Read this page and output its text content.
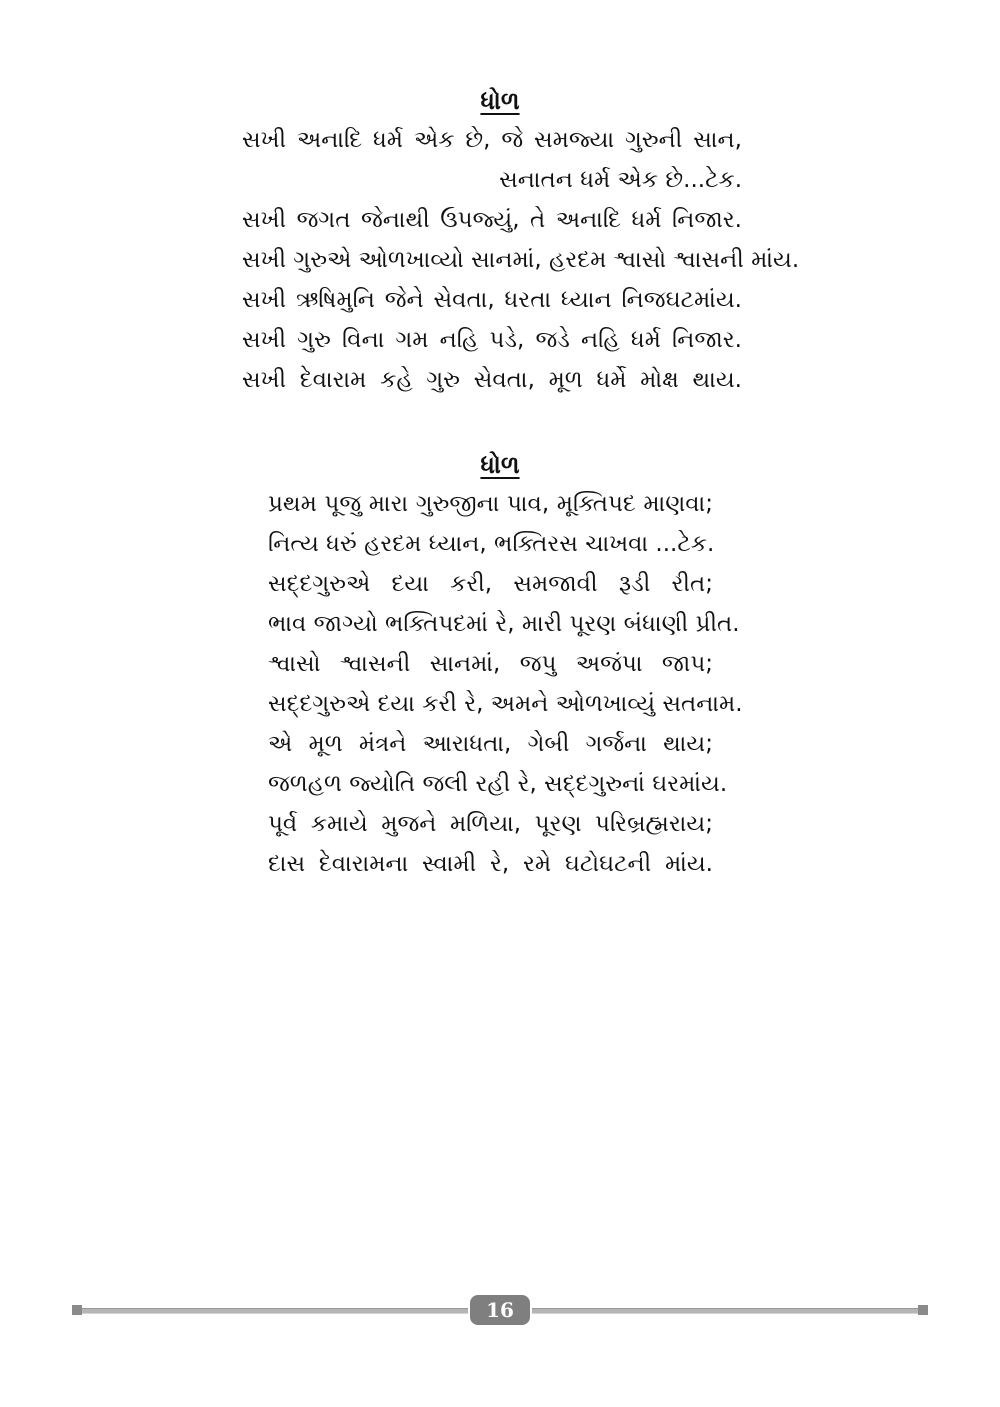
ધોળ
સખી અનાદિ ધર્મ એક છે, જે સમજ્યા ગુરુની સાન,
સનાતન ધર્મ એક છે...ટેક.
સખી જગત જેનાથી ઉપજ્યું, તે અનાદિ ધર્મ નિજાર.
સખી ગુરુએ ઓળખાવ્યો સાનમાં, હરદમ શ્વાસો શ્વાસની માંય.
સખી ઋષિમુનિ જેને સેવતા, ધરતા ધ્યાન નિજઘટમાંય.
સખી ગુરુ વિના ગમ નહિ પડે, જડે નહિ ધર્મ નિજાર.
સખી દેવારામ કહે ગુરુ સેવતા, મૂળ ધર્મે મોક્ષ થાય.
ધોળ
પ્રથમ પૂજુ મારા ગુરુજીના પાવ, મૂક્તિપદ માણવા;
નિત્ય ધરું હરદમ ધ્યાન, ભક્તિરસ ચાખવા ...ટેક.
સદ્દગુરુએ દયા કરી, સમજાવી રૂડી રીત;
ભાવ જાગ્યો ભક્તિપદમાં રે, મારી પૂરણ બંધાણી પ્રીત.
શ્વાસો શ્વાસની સાનમાં, જપુ અજંપા જાપ;
સદ્દગુરુએ દયા કરી રે, અમને ઓળખાવ્યું સતનામ.
એ મૂળ મંત્રને આરાધતા, ગેબી ગર્જના થાય;
જળહળ જ્યોતિ જલી રહી રે, સદ્દગુરુનાં ઘરમાંય.
પૂર્વ કમાયે મુજને મળિયા, પૂરણ પરિબ્રહ્મરાય;
દાસ દેવારામના સ્વામી રે, રમે ઘટોઘટની માંય.
16
